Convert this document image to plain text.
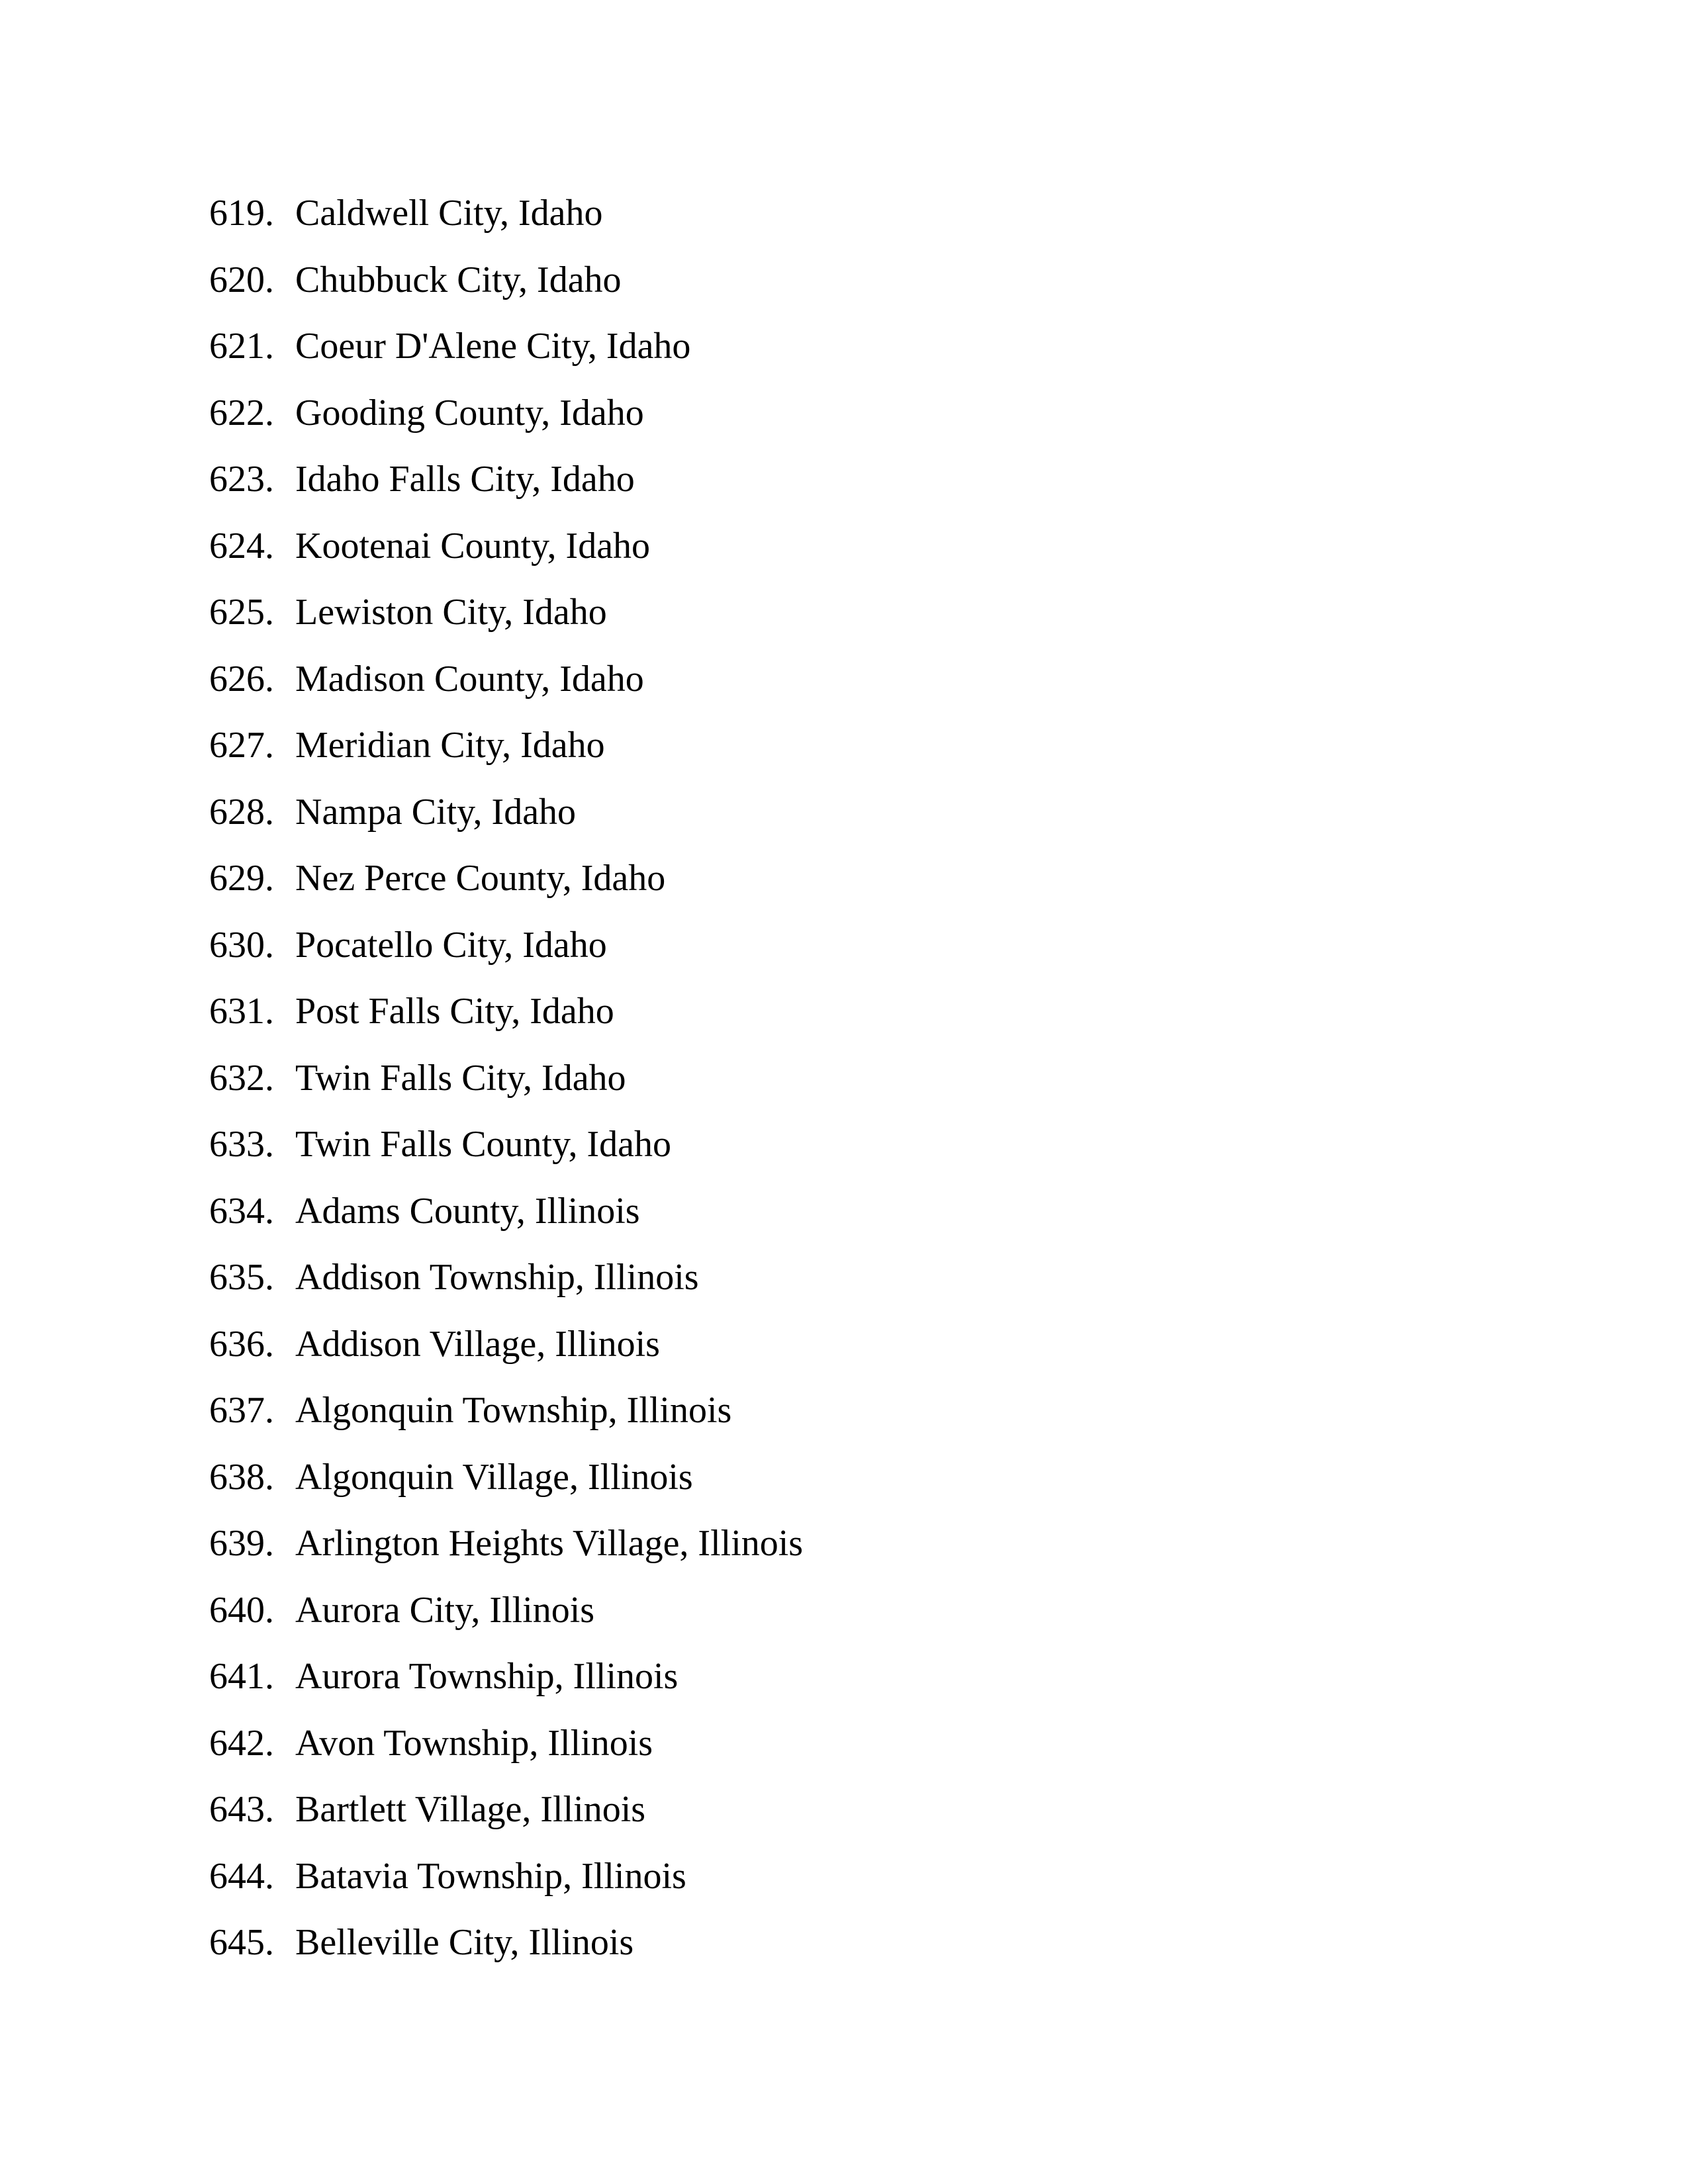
619. Caldwell City, Idaho
620. Chubbuck City, Idaho
621. Coeur D'Alene City, Idaho
622. Gooding County, Idaho
623. Idaho Falls City, Idaho
624. Kootenai County, Idaho
625. Lewiston City, Idaho
626. Madison County, Idaho
627. Meridian City, Idaho
628. Nampa City, Idaho
629. Nez Perce County, Idaho
630. Pocatello City, Idaho
631. Post Falls City, Idaho
632. Twin Falls City, Idaho
633. Twin Falls County, Idaho
634. Adams County, Illinois
635. Addison Township, Illinois
636. Addison Village, Illinois
637. Algonquin Township, Illinois
638. Algonquin Village, Illinois
639. Arlington Heights Village, Illinois
640. Aurora City, Illinois
641. Aurora Township, Illinois
642. Avon Township, Illinois
643. Bartlett Village, Illinois
644. Batavia Township, Illinois
645. Belleville City, Illinois
